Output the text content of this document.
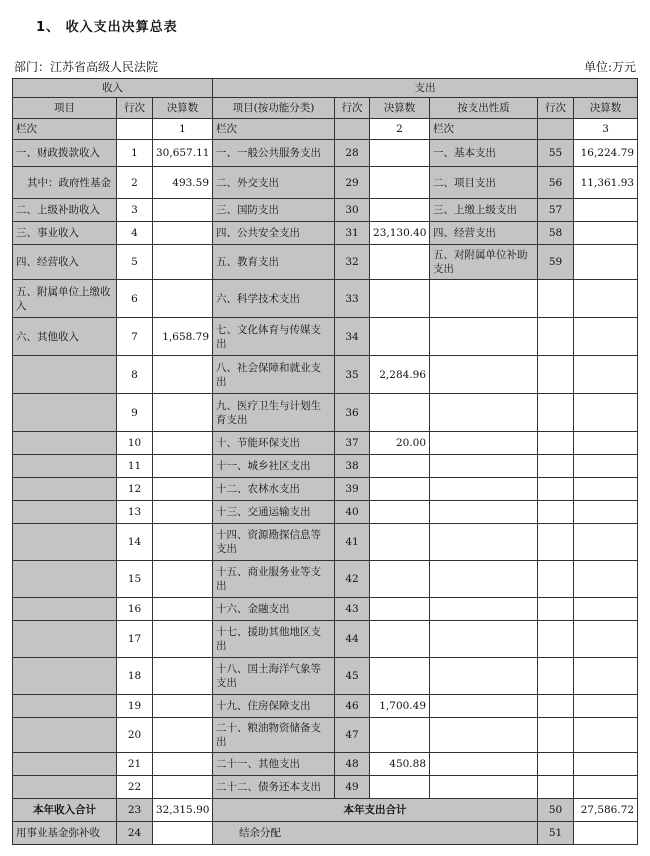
1、 收入支出决算总表
部门：江苏省高级人民法院	单位:万元
收入			支出					
项目	行次	决算数	项目(按功能分类)	行次	决算数	按支出性质	行次	决算数
栏次		1	栏次		2	栏次		3
一、财政拨款收入	1	30,657.11	一、一般公共服务支出	28		一、基本支出	55	16,224.79
其中：政府性基金	2	493.59	二、外交支出	29		二、项目支出	56	11,361.93
二、上级补助收入	3		三、国防支出	30		三、上缴上级支出	57	
三、事业收入	4		四、公共安全支出	31	23,130.40	四、经营支出	58	
四、经营收入	5		五、教育支出	32		五、对附属单位补助支出	59	
五、附属单位上缴收入	6		六、科学技术支出	33				
六、其他收入	7	1,658.79	七、文化体育与传媒支出	34				
	8		八、社会保障和就业支出	35	2,284.96			
	9		九、医疗卫生与计划生育支出	36				
	10		十、节能环保支出	37	20.00			
	11		十一、城乡社区支出	38				
	12		十二、农林水支出	39				
	13		十三、交通运输支出	40				
	14		十四、资源勘探信息等支出	41				
	15		十五、商业服务业等支出	42				
	16		十六、金融支出	43				
	17		十七、援助其他地区支出	44				
	18		十八、国土海洋气象等支出	45				
	19		十九、住房保障支出	46	1,700.49			
	20		二十、粮油物资储备支出	47				
	21		二十一、其他支出	48	450.88			
	22		二十二、债务还本支出	49				
本年收入合计	23	32,315.90	本年支出合计				50	27,586.72
用事业基金弥补收	24		结余分配				51	
